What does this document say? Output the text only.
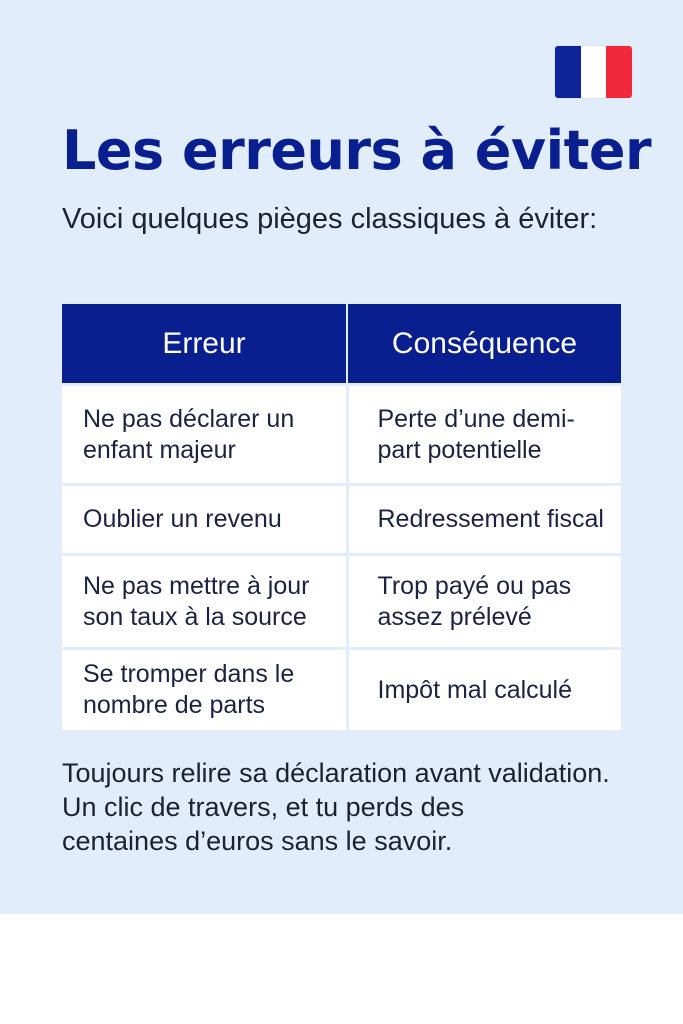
Les erreurs à éviter

Voici quelques pièges classiques à éviter:

Erreur	Conséquence
Ne pas déclarer un enfant majeur	Perte d’une demi-part potentielle
Oublier un revenu	Redressement fiscal
Ne pas mettre à jour son taux à la source	Trop payé ou pas assez prélevé
Se tromper dans le nombre de parts	Impôt mal calculé

Toujours relire sa déclaration avant validation.
Un clic de travers, et tu perds des
centaines d’euros sans le savoir.
